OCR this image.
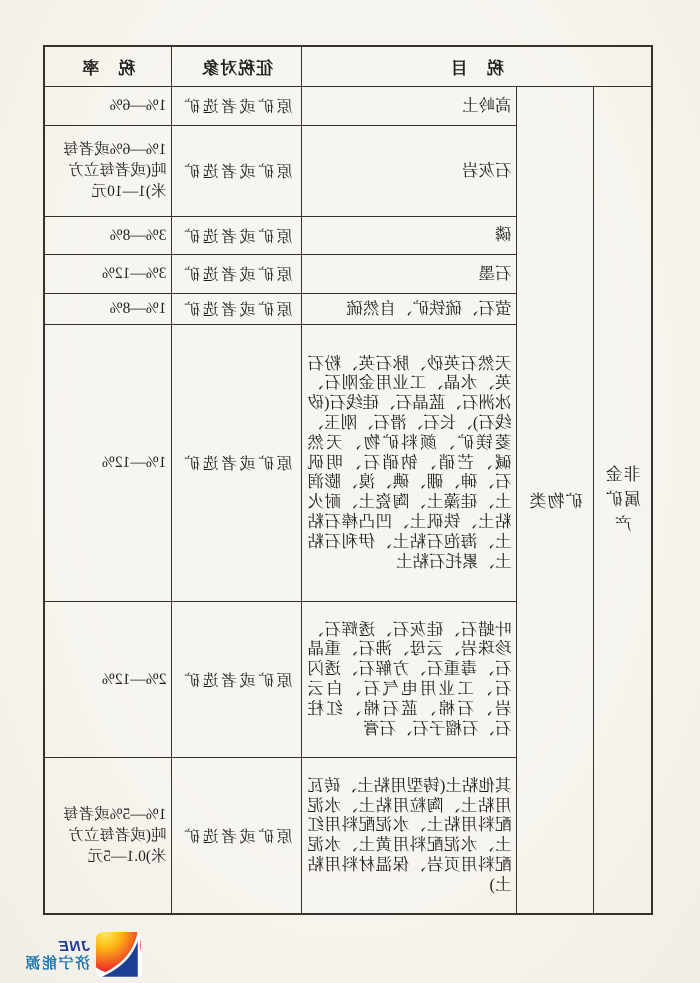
税　目			征税对象	税　率
非金属矿产	矿物类	高岭土	原矿或者选矿	1%—6%
		石灰岩	原矿或者选矿	1%—6%或者每吨(或者每立方米)1—10元
		磷	原矿或者选矿	3%—8%
		石墨	原矿或者选矿	3%—12%
		萤石、硫铁矿、自然硫	原矿或者选矿	1%—8%
		天然石英砂、脉石英、粉石英、水晶、工业用金刚石、冰洲石、蓝晶石、硅线石(矽线石)、长石、滑石、刚玉、菱镁矿、颜料矿物、天然碱、芒硝、钠硝石、明矾石、砷、硼、碘、溴、膨润土、硅藻土、陶瓷土、耐火粘土、铁矾土、凹凸棒石粘土、海泡石粘土、伊利石粘土、累托石粘土	原矿或者选矿	1%—12%
		叶蜡石、硅灰石、透辉石、珍珠岩、云母、沸石、重晶石、毒重石、方解石、透闪石、工业用电气石、白云岩、石棉、蓝石棉、红柱石、石榴子石、石膏	原矿或者选矿	2%—12%
		其他粘土(铸型用粘土、砖瓦用粘土、陶粒用粘土、水泥配料用粘土、水泥配料用红土、水泥配料用黄土、水泥配料用页岩、保温材料用粘土)	原矿或者选矿	1%—5%或者每吨(或者每立方米)0.1—5元
JNE
济宁能源
